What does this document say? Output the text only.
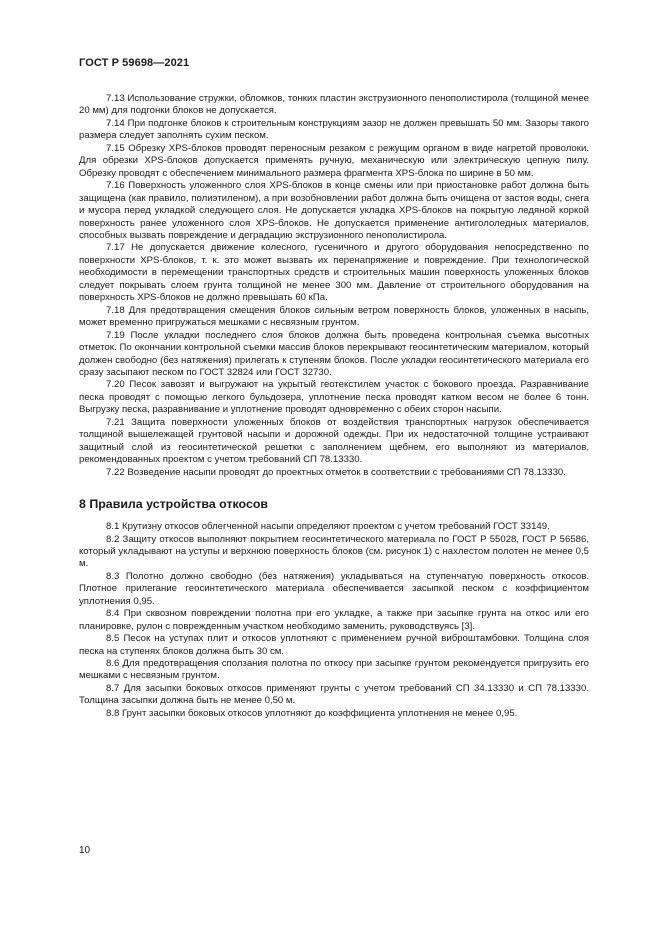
ГОСТ Р 59698—2021

7.13 Использование стружки, обломков, тонких пластин экструзионного пенополистирола (толщиной менее 20 мм) для подгонки блоков не допускается.

7.14 При подгонке блоков к строительным конструкциям зазор не должен превышать 50 мм. Зазоры такого размера следует заполнять сухим песком.

7.15 Обрезку XPS-блоков проводят переносным резаком с режущим органом в виде нагретой проволоки. Для обрезки XPS-блоков допускается применять ручную, механическую или электрическую цепную пилу. Обрезку проводят с обеспечением минимального размера фрагмента XPS-блока по ширине в 50 мм.

7.16 Поверхность уложенного слоя XPS-блоков в конце смены или при приостановке работ должна быть защищена (как правило, полиэтиленом), а при возобновлении работ должна быть очищена от застоя воды, снега и мусора перед укладкой следующего слоя. Не допускается укладка XPS-блоков на покрытую ледяной коркой поверхность ранее уложенного слоя XPS-блоков. Не допускается применение антигололедных материалов, способных вызвать повреждение и деградацию экструзионного пенополистирола.

7.17 Не допускается движение колесного, гусеничного и другого оборудования непосредственно по поверхности XPS-блоков, т. к. это может вызвать их перенапряжение и повреждение. При технологической необходимости в перемещении транспортных средств и строительных машин поверхность уложенных блоков следует покрывать слоем грунта толщиной не менее 300 мм. Давление от строительного оборудования на поверхность XPS-блоков не должно превышать 60 кПа.

7.18 Для предотвращения смещения блоков сильным ветром поверхность блоков, уложенных в насыпь, может временно пригружаться мешками с несвязным грунтом.

7.19 После укладки последнего слоя блоков должна быть проведена контрольная съемка высотных отметок. По окончании контрольной съемки массив блоков перекрывают геосинтетическим материалом, который должен свободно (без натяжения) прилегать к ступеням блоков. После укладки геосинтетического материала его сразу засыпают песком по ГОСТ 32824 или ГОСТ 32730.

7.20 Песок завозят и выгружают на укрытый геотекстилем участок с бокового проезда. Разравнивание песка проводят с помощью легкого бульдозера, уплотнение песка проводят катком весом не более 6 тонн. Выгрузку песка, разравнивание и уплотнение проводят одновременно с обеих сторон насыпи.

7.21 Защита поверхности уложенных блоков от воздействия транспортных нагрузок обеспечивается толщиной вышележащей грунтовой насыпи и дорожной одежды. При их недостаточной толщине устраивают защитный слой из геосинтетической решетки с заполнением щебнем, его выполняют из материалов, рекомендованных проектом с учетом требований СП 78.13330.

7.22 Возведение насыпи проводят до проектных отметок в соответствии с требованиями СП 78.13330.

8 Правила устройства откосов

8.1 Крутизну откосов облегченной насыпи определяют проектом с учетом требований ГОСТ 33149.

8.2 Защиту откосов выполняют покрытием геосинтетического материала по ГОСТ Р 55028, ГОСТ Р 56586, который укладывают на уступы и верхнюю поверхность блоков (см. рисунок 1) с нахлестом полотен не менее 0,5 м.

8.3 Полотно должно свободно (без натяжения) укладываться на ступенчатую поверхность откосов. Плотное прилегание геосинтетического материала обеспечивается засыпкой песком с коэффициентом уплотнения 0,95.

8.4 При сквозном повреждении полотна при его укладке, а также при засыпке грунта на откос или его планировке, рулон с поврежденным участком необходимо заменить, руководствуясь [3].

8.5 Песок на уступах плит и откосов уплотняют с применением ручной виброштамбовки. Толщина слоя песка на ступенях блоков должна быть 30 см.

8.6 Для предотвращения сползания полотна по откосу при засыпке грунтом рекомендуется пригрузить его мешками с несвязным грунтом.

8.7 Для засыпки боковых откосов применяют грунты с учетом требований СП 34.13330 и СП 78.13330. Толщина засыпки должна быть не менее 0,50 м.

8.8 Грунт засыпки боковых откосов уплотняют до коэффициента уплотнения не менее 0,95.

10
